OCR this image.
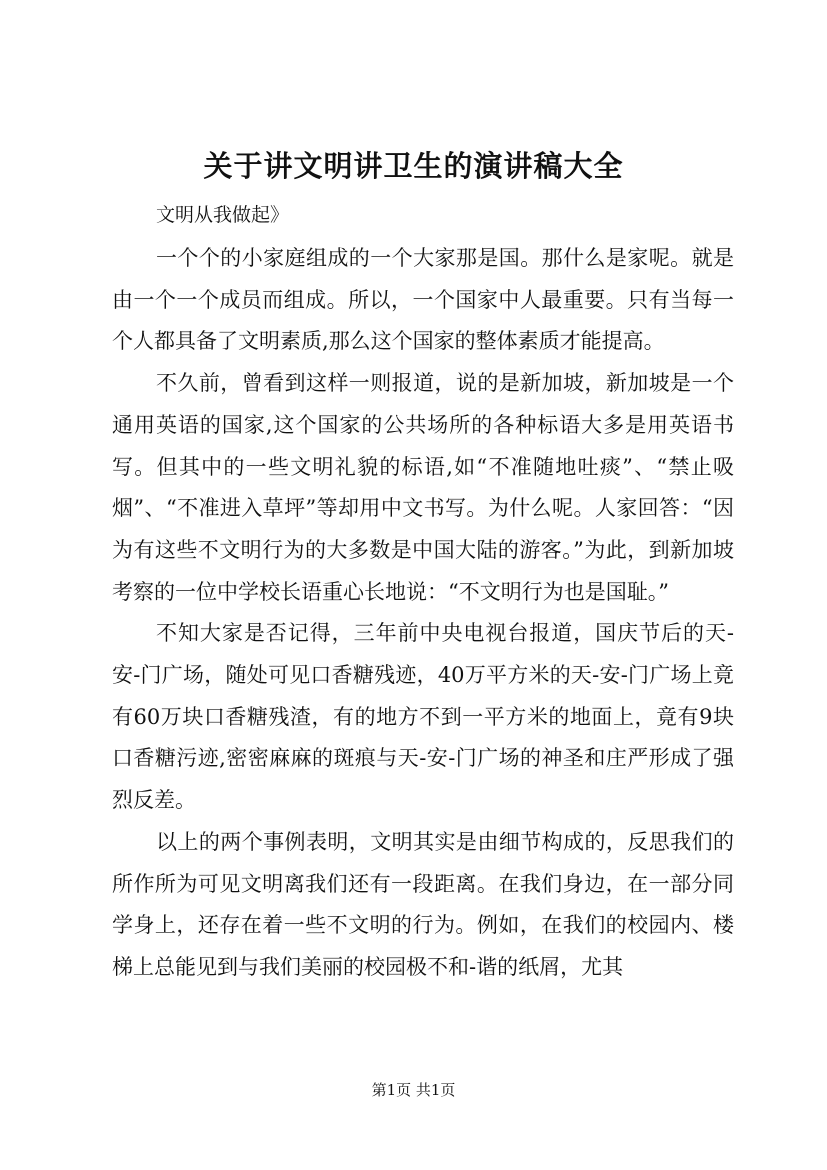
关于讲文明讲卫生的演讲稿大全

文明从我做起》

一个个的小家庭组成的一个大家那是国。那什么是家呢。就是由一个一个成员而组成。所以，一个国家中人最重要。只有当每一个人都具备了文明素质,那么这个国家的整体素质才能提高。

不久前，曾看到这样一则报道，说的是新加坡，新加坡是一个通用英语的国家,这个国家的公共场所的各种标语大多是用英语书写。但其中的一些文明礼貌的标语,如“不准随地吐痰”、“禁止吸烟”、“不准进入草坪”等却用中文书写。为什么呢。人家回答：“因为有这些不文明行为的大多数是中国大陆的游客。”为此，到新加坡考察的一位中学校长语重心长地说：“不文明行为也是国耻。”

不知大家是否记得，三年前中央电视台报道，国庆节后的天-安-门广场，随处可见口香糖残迹，40万平方米的天-安-门广场上竟有60万块口香糖残渣，有的地方不到一平方米的地面上，竟有9块口香糖污迹,密密麻麻的斑痕与天-安-门广场的神圣和庄严形成了强烈反差。

以上的两个事例表明，文明其实是由细节构成的，反思我们的所作所为可见文明离我们还有一段距离。在我们身边，在一部分同学身上，还存在着一些不文明的行为。例如，在我们的校园内、楼梯上总能见到与我们美丽的校园极不和-谐的纸屑，尤其

第1页 共1页
